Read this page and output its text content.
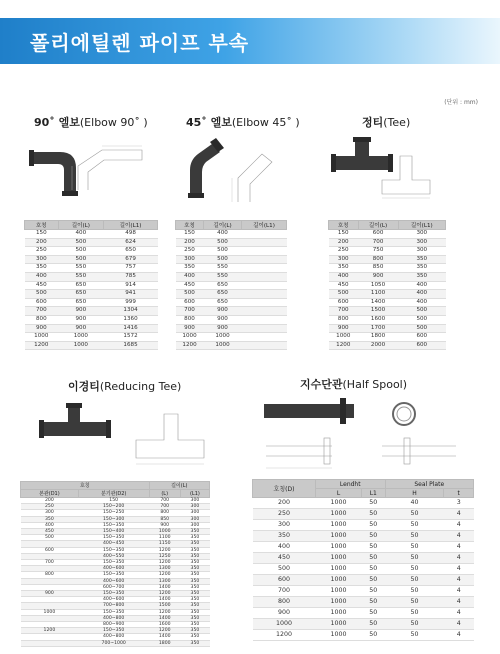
폴리에틸렌 파이프 부속
(단위 : mm)
90˚ 엘보(Elbow 90˚ )
호칭	길이(L)	길이(L1)
150	400	498
200	500	624
250	500	650
300	500	679
350	550	757
400	550	785
450	650	914
500	650	941
600	650	999
700	900	1304
800	900	1360
900	900	1416
1000	1000	1572
1200	1000	1685
45˚ 엘보(Elbow 45˚ )
호칭	길이(L)	길이(L1)
150	400	
200	500	
250	500	
300	500	
350	550	
400	550	
450	650	
500	650	
600	650	
700	900	
800	900	
900	900	
1000	1000	
1200	1000	
정티(Tee)
호칭	길이(L)	길이(L1)
150	600	300
200	700	300
250	750	300
300	800	350
350	850	350
400	900	350
450	1050	400
500	1100	400
600	1400	400
700	1500	500
800	1600	500
900	1700	500
1000	1800	600
1200	2000	600
이경티(Reducing Tee)
호칭		길이(L)	
본관(D1)	분기관(D2)	(L)	(L1)
200	150	700	300
250	150~200	700	300
300	150~250	800	300
350	150~300	850	300
400	150~350	900	300
450	150~400	1000	350
500	150~350	1100	350
	400~450	1150	350
600	150~350	1200	350
	400~550	1250	350
700	150~350	1200	350
	400~600	1300	350
800	150~350	1200	350
	400~600	1300	350
	600~700	1400	350
900	150~350	1200	350
	400~600	1400	350
	700~800	1500	350
1000	150~350	1200	350
	400~800	1400	350
	800~900	1600	350
1200	150~350	1200	350
	400~800	1400	350
	700~1000	1800	350
지수단관(Half Spool)
호칭(D)	Lendht		Seal Plate	
	L	L1	H	t
200	1000	50	40	3
250	1000	50	50	4
300	1000	50	50	4
350	1000	50	50	4
400	1000	50	50	4
450	1000	50	50	4
500	1000	50	50	4
600	1000	50	50	4
700	1000	50	50	4
800	1000	50	50	4
900	1000	50	50	4
1000	1000	50	50	4
1200	1000	50	50	4
